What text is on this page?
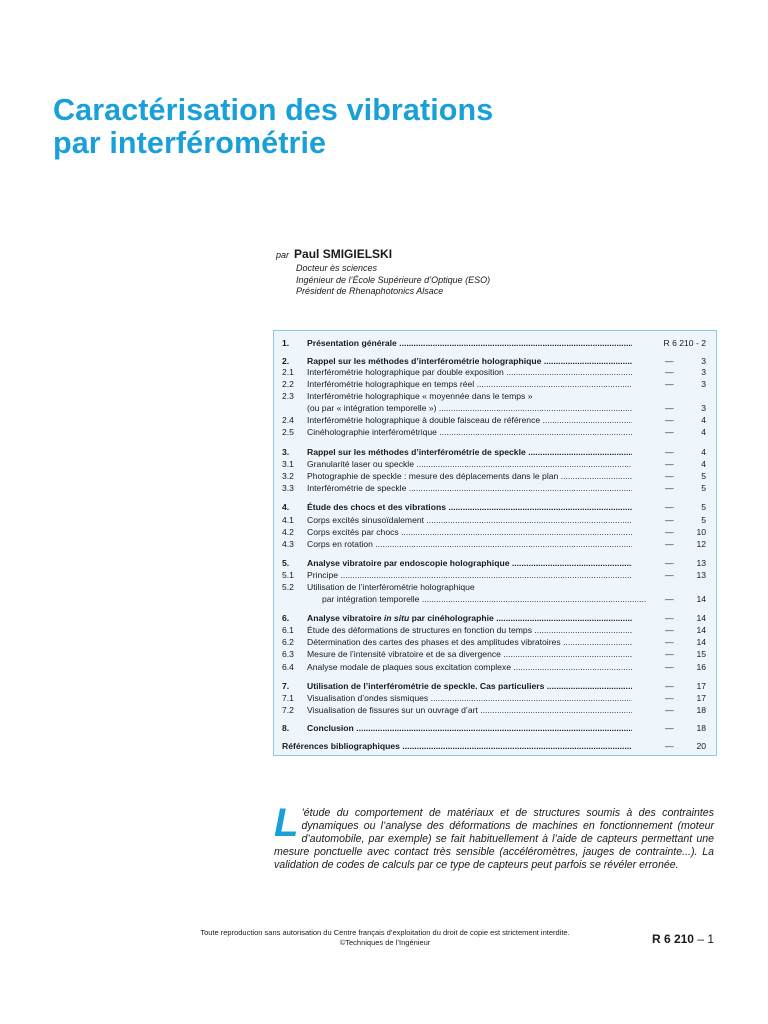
Caractérisation des vibrations
par interférométrie
par Paul SMIGIELSKI
Docteur ès sciences
Ingénieur de l’École Supérieure d’Optique (ESO)
Président de Rhenaphotonics Alsace
1. Présentation générale .....	R 6 210 - 2
2. Rappel sur les méthodes d’interférométrie holographique .....	—	3
2.1 Interférométrie holographique par double exposition .....	—	3
2.2 Interférométrie holographique en temps réel .....	—	3
2.3 Interférométrie holographique « moyennée dans le temps »
(ou par « intégration temporelle ») .....	—	3
2.4 Interférométrie holographique à double faisceau de référence .....	—	4
2.5 Cinéholographie interférométrique .....	—	4
3. Rappel sur les méthodes d’interférométrie de speckle .....	—	4
3.1 Granularité laser ou speckle .....	—	4
3.2 Photographie de speckle : mesure des déplacements dans le plan .....	—	5
3.3 Interférométrie de speckle .....	—	5
4. Étude des chocs et des vibrations .....	—	5
4.1 Corps excités sinusoïdalement .....	—	5
4.2 Corps excités par chocs .....	—	10
4.3 Corps en rotation .....	—	12
5. Analyse vibratoire par endoscopie holographique .....	—	13
5.1 Principe .....	—	13
5.2 Utilisation de l’interférométrie holographique
par intégration temporelle .....	—	14
6. Analyse vibratoire in situ par cinéholographie .....	—	14
6.1 Étude des déformations de structures en fonction du temps .....	—	14
6.2 Détermination des cartes des phases et des amplitudes vibratoires .....	—	14
6.3 Mesure de l’intensité vibratoire et de sa divergence .....	—	15
6.4 Analyse modale de plaques sous excitation complexe .....	—	16
7. Utilisation de l’interférométrie de speckle. Cas particuliers .....	—	17
7.1 Visualisation d’ondes sismiques .....	—	17
7.2 Visualisation de fissures sur un ouvrage d’art .....	—	18
8. Conclusion .....	—	18
Références bibliographiques .....	—	20

L ’étude du comportement de matériaux et de structures soumis à des contraintes dynamiques ou l’analyse des déformations de machines en fonctionnement (moteur d’automobile, par exemple) se fait habituellement à l’aide de capteurs permettant une mesure ponctuelle avec contact très sensible (accéléromètres, jauges de contrainte...). La validation de codes de calculs par ce type de capteurs peut parfois se révéler erronée.

Toute reproduction sans autorisation du Centre français d’exploitation du droit de copie est strictement interdite.
©Techniques de l’Ingénieur	R 6 210 – 1
